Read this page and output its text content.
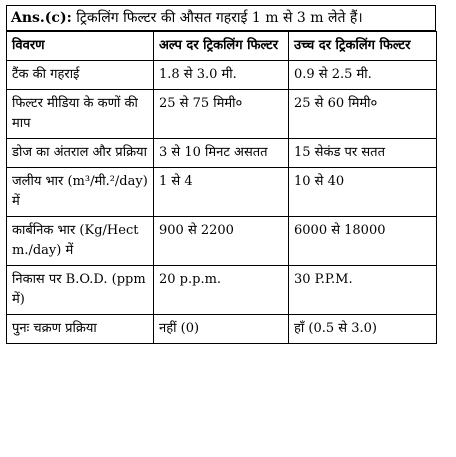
Ans.(c): ट्रिकलिंग फिल्टर की औसत गहराई 1 m से 3 m लेते हैं।
विवरण	अल्प दर ट्रिकलिंग फिल्टर	उच्च दर ट्रिकलिंग फिल्टर
टैंक की गहराई	1.8 से 3.0 मी.	0.9 से 2.5 मी.
फिल्टर मीडिया के कणों की माप	25 से 75 मिमी०	25 से 60 मिमी०
डोज का अंतराल और प्रक्रिया	3 से 10 मिनट असतत	15 सेकंड पर सतत
जलीय भार (m³/मी.²/day) में	1 से 4	10 से 40
कार्बनिक भार (Kg/Hect m./day) में	900 से 2200	6000 से 18000
निकास पर B.O.D. (ppm में)	20 p.p.m.	30 P.P.M.
पुनः चक्रण प्रक्रिया	नहीं (0)	हाँ (0.5 से 3.0)
